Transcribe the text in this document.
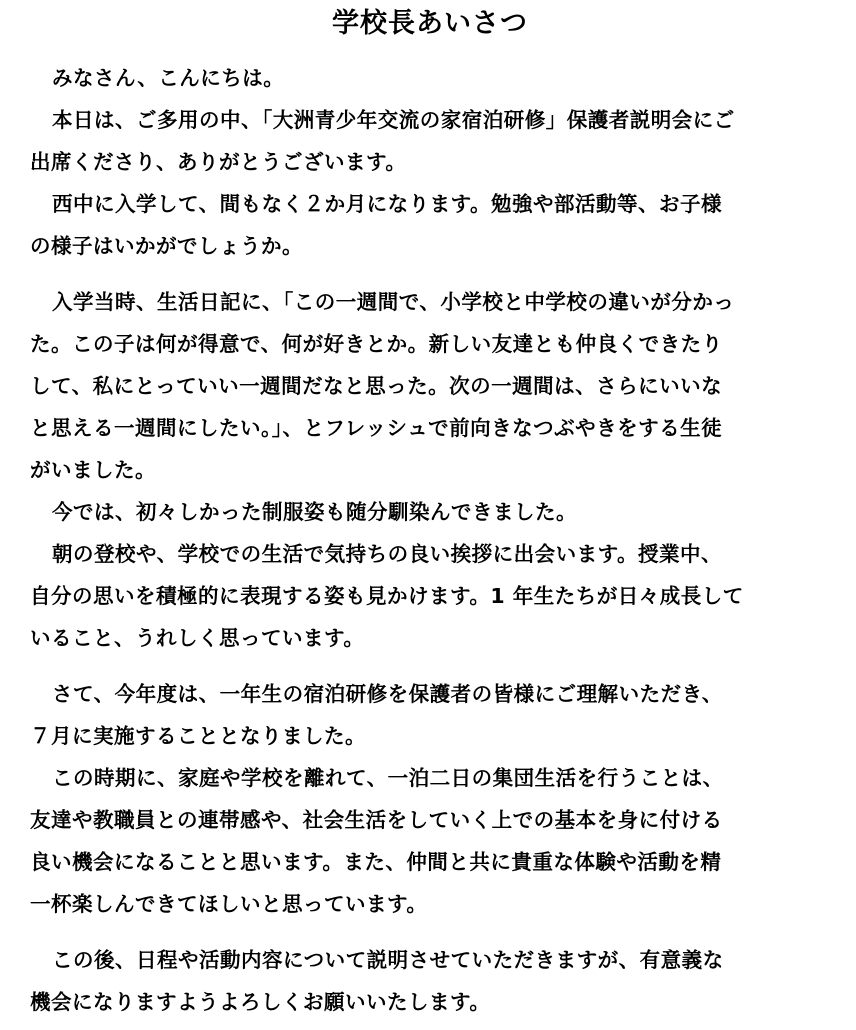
学校長あいさつ
みなさん、こんにちは。
本日は、ご多用の中、「大洲青少年交流の家宿泊研修」保護者説明会にご
出席くださり、ありがとうございます。
西中に入学して、間もなく２か月になります。勉強や部活動等、お子様
の様子はいかがでしょうか。
入学当時、生活日記に、「この一週間で、小学校と中学校の違いが分かっ
た。この子は何が得意で、何が好きとか。新しい友達とも仲良くできたり
して、私にとっていい一週間だなと思った。次の一週間は、さらにいいな
と思える一週間にしたい。」、とフレッシュで前向きなつぶやきをする生徒
がいました。
今では、初々しかった制服姿も随分馴染んできました。
朝の登校や、学校での生活で気持ちの良い挨拶に出会います。授業中、
自分の思いを積極的に表現する姿も見かけます。1 年生たちが日々成長して
いること、うれしく思っています。
さて、今年度は、一年生の宿泊研修を保護者の皆様にご理解いただき、
７月に実施することとなりました。
この時期に、家庭や学校を離れて、一泊二日の集団生活を行うことは、
友達や教職員との連帯感や、社会生活をしていく上での基本を身に付ける
良い機会になることと思います。また、仲間と共に貴重な体験や活動を精
一杯楽しんできてほしいと思っています。
この後、日程や活動内容について説明させていただきますが、有意義な
機会になりますようよろしくお願いいたします。
